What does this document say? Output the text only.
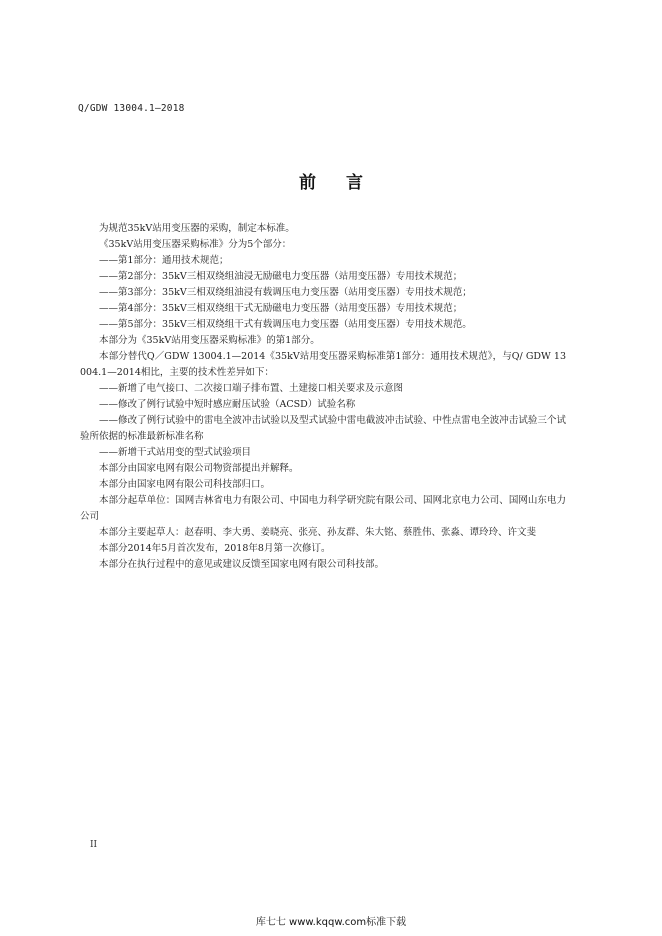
Q/GDW 13004.1—2018
前 言

为规范35kV站用变压器的采购，制定本标准。

《35kV站用变压器采购标准》分为5个部分：

——第1部分：通用技术规范；

——第2部分：35kV三相双绕组油浸无励磁电力变压器（站用变压器）专用技术规范；

——第3部分：35kV三相双绕组油浸有载调压电力变压器（站用变压器）专用技术规范；

——第4部分：35kV三相双绕组干式无励磁电力变压器（站用变压器）专用技术规范；

——第5部分：35kV三相双绕组干式有载调压电力变压器（站用变压器）专用技术规范。

本部分为《35kV站用变压器采购标准》的第1部分。

本部分替代Q／GDW 13004.1—2014《35kV站用变压器采购标准第1部分：通用技术规范》，与Q/ GDW 13004.1—2014相比，主要的技术性差异如下：

——新增了电气接口、二次接口端子排布置、土建接口相关要求及示意图

——修改了例行试验中短时感应耐压试验（ACSD）试验名称

——修改了例行试验中的雷电全波冲击试验以及型式试验中雷电截波冲击试验、中性点雷电全波冲击试验三个试验所依据的标准最新标准名称

——新增干式站用变的型式试验项目

本部分由国家电网有限公司物资部提出并解释。

本部分由国家电网有限公司科技部归口。

本部分起草单位：国网吉林省电力有限公司、中国电力科学研究院有限公司、国网北京电力公司、国网山东电力公司

本部分主要起草人：赵春明、李大勇、姜晓亮、张亮、孙友群、朱大铭、蔡胜伟、张淼、谭玲玲、许文斐

本部分2014年5月首次发布，2018年8月第一次修订。

本部分在执行过程中的意见或建议反馈至国家电网有限公司科技部。

II
库七七 www.kqqw.com标准下载
